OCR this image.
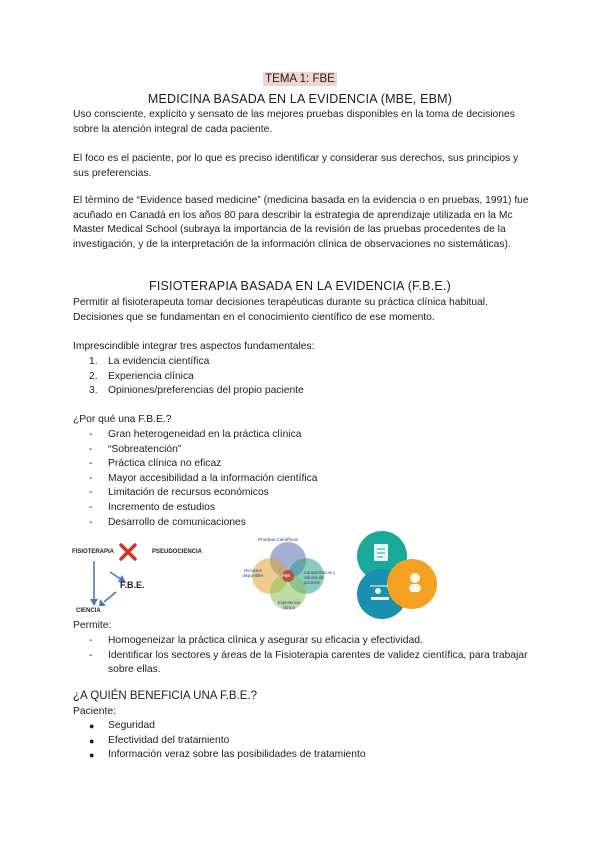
TEMA 1: FBE
MEDICINA BASADA EN LA EVIDENCIA (MBE, EBM)

Uso consciente, explícito y sensato de las mejores pruebas disponibles en la toma de decisiones sobre la atención integral de cada paciente.

El foco es el paciente, por lo que es preciso identificar y considerar sus derechos, sus principios y sus preferencias.

El término de “Evidence based medicine” (medicina basada en la evidencia o en pruebas, 1991) fue acuñado en Canadá en los años 80 para describir la estrategia de aprendizaje utilizada en la Mc Master Medical School (subraya la importancia de la revisión de las pruebas procedentes de la investigación, y de la interpretación de la información clínica de observaciones no sistemáticas).

FISIOTERAPIA BASADA EN LA EVIDENCIA (F.B.E.)

Permitir al fisioterapeuta tomar decisiones terapéuticas durante su práctica clínica habitual. Decisiones que se fundamentan en el conocimiento científico de ese momento.

Imprescindible integrar tres aspectos fundamentales:

1. La evidencia científica
2. Experiencia clínica
3. Opiniones/preferencias del propio paciente

¿Por qué una F.B.E.?

- Gran heterogeneidad en la práctica clínica
- “Sobreatención”
- Práctica clínica no eficaz
- Mayor accesibilidad a la información científica
- Limitación de recursos económicos
- Incremento de estudios
- Desarrollo de comunicaciones
FISIOTERAPIA	PSEUDOCIENCIA
F.B.E.
CIENCIA
Pruebas Científicas
Recursos disponibles
Características y valores del paciente
Experiencia clínica
FBE

Permite:

- Homogeneizar la práctica clínica y asegurar su eficacia y efectividad.
- Identificar los sectores y áreas de la Fisioterapia carentes de validez científica, para trabajar sobre ellas.
¿A QUIÉN BENEFICIA UNA F.B.E.?

Paciente:

● Seguridad
● Efectividad del tratamiento
● Información veraz sobre las posibilidades de tratamiento
